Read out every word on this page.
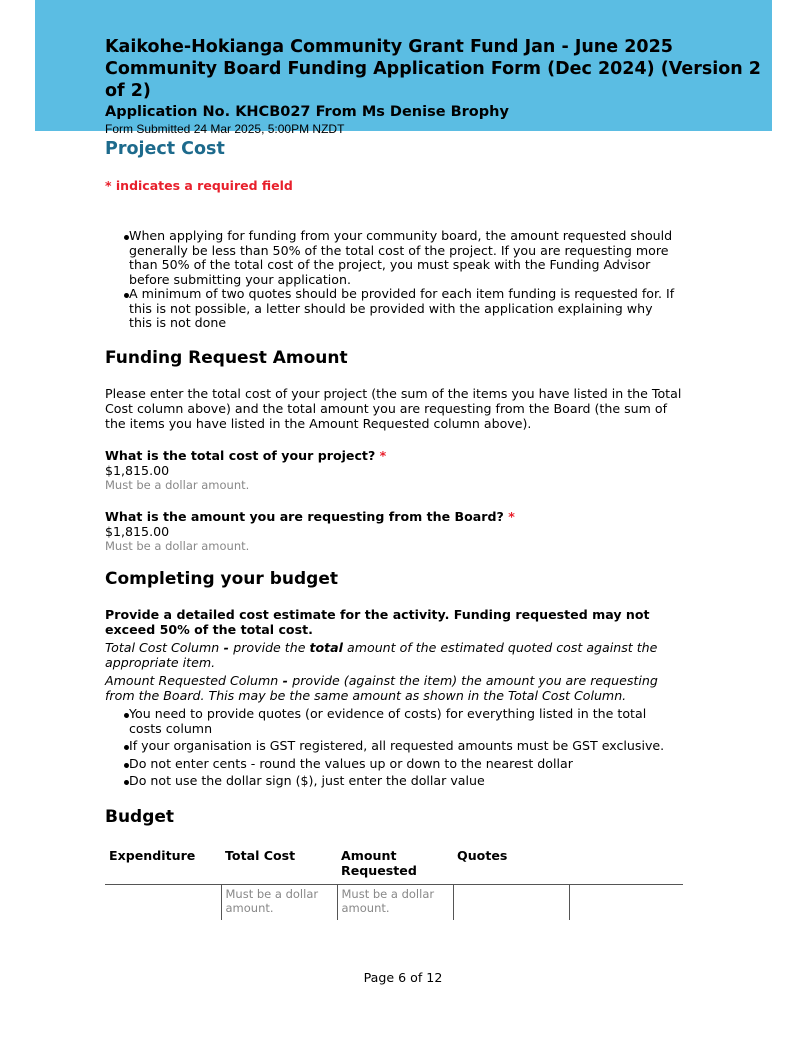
Kaikohe-Hokianga Community Grant Fund Jan - June 2025

Community Board Funding Application Form (Dec 2024) (Version 2 of 2)

Application No. KHCB027 From Ms Denise Brophy

Form Submitted 24 Mar 2025, 5:00PM NZDT

Project Cost
* indicates a required field
When applying for funding from your community board, the amount requested should generally be less than 50% of the total cost of the project. If you are requesting more than 50% of the total cost of the project, you must speak with the Funding Advisor before submitting your application.
A minimum of two quotes should be provided for each item funding is requested for. If this is not possible, a letter should be provided with the application explaining why this is not done
Funding Request Amount
Please enter the total cost of your project (the sum of the items you have listed in the Total Cost column above) and the total amount you are requesting from the Board (the sum of the items you have listed in the Amount Requested column above).
What is the total cost of your project? *
$1,815.00
Must be a dollar amount.
What is the amount you are requesting from the Board? *
$1,815.00
Must be a dollar amount.
Completing your budget
Provide a detailed cost estimate for the activity. Funding requested may not exceed 50% of the total cost.
Total Cost Column - provide the total amount of the estimated quoted cost against the appropriate item.
Amount Requested Column - provide (against the item) the amount you are requesting from the Board. This may be the same amount as shown in the Total Cost Column.
You need to provide quotes (or evidence of costs) for everything listed in the total costs column
If your organisation is GST registered, all requested amounts must be GST exclusive.
Do not enter cents - round the values up or down to the nearest dollar
Do not use the dollar sign ($), just enter the dollar value
Budget
Expenditure	Total Cost	Amount Requested	Quotes	
	Must be a dollar amount.	Must be a dollar amount.		
Page 6 of 12
